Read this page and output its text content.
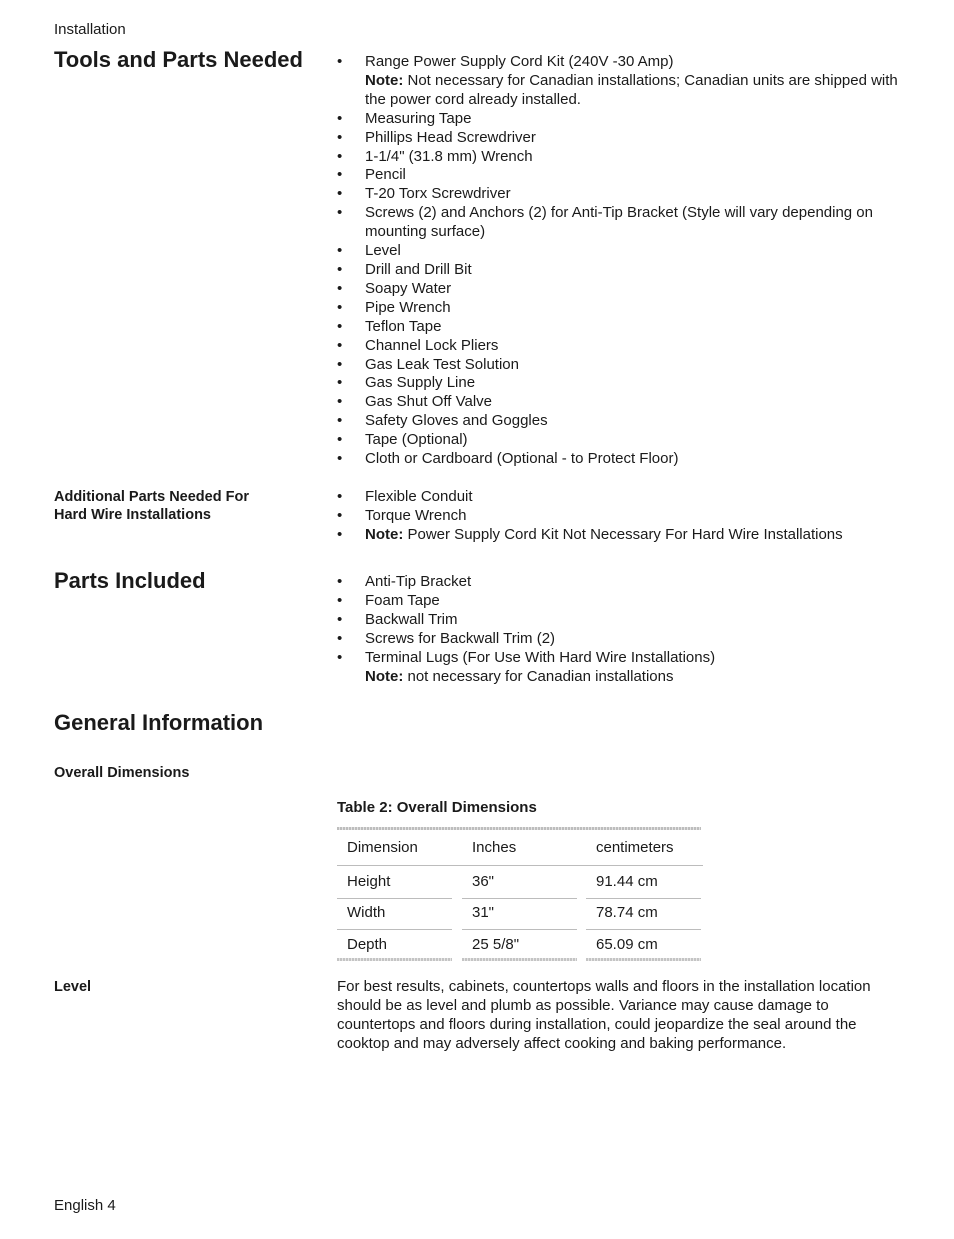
Installation
Tools and Parts Needed •	Range Power Supply Cord Kit (240V -30 Amp)
Note: Not necessary for Canadian installations; Canadian units are shipped with the power cord already installed.
•	Measuring Tape
•	Phillips Head Screwdriver
•	1-1/4" (31.8 mm) Wrench
•	Pencil
•	T-20 Torx Screwdriver
•	Screws (2) and Anchors (2) for Anti-Tip Bracket (Style will vary depending on mounting surface)
•	Level
•	Drill and Drill Bit
•	Soapy Water
•	Pipe Wrench
•	Teflon Tape
•	Channel Lock Pliers
•	Gas Leak Test Solution
•	Gas Supply Line
•	Gas Shut Off Valve
•	Safety Gloves and Goggles
•	Tape (Optional)
•	Cloth or Cardboard (Optional - to Protect Floor)
Additional Parts Needed For
Hard Wire Installations
•	Flexible Conduit
•	Torque Wrench
•	Note: Power Supply Cord Kit Not Necessary For Hard Wire Installations
Parts Included	•	Anti-Tip Bracket
•	Foam Tape
•	Backwall Trim
•	Screws for Backwall Trim (2)
•	Terminal Lugs (For Use With Hard Wire Installations)
Note: not necessary for Canadian installations
General Information
Overall Dimensions
Table 2: Overall Dimensions
Dimension	Inches	centimeters
Height	36"	91.44 cm
Width	31"	78.74 cm
Depth	25 5/8"	65.09 cm
Level	For best results, cabinets, countertops walls and floors in the installation location should be as level and plumb as possible. Variance may cause damage to countertops and floors during installation, could jeopardize the seal around the cooktop and may adversely affect cooking and baking performance.
English 4
